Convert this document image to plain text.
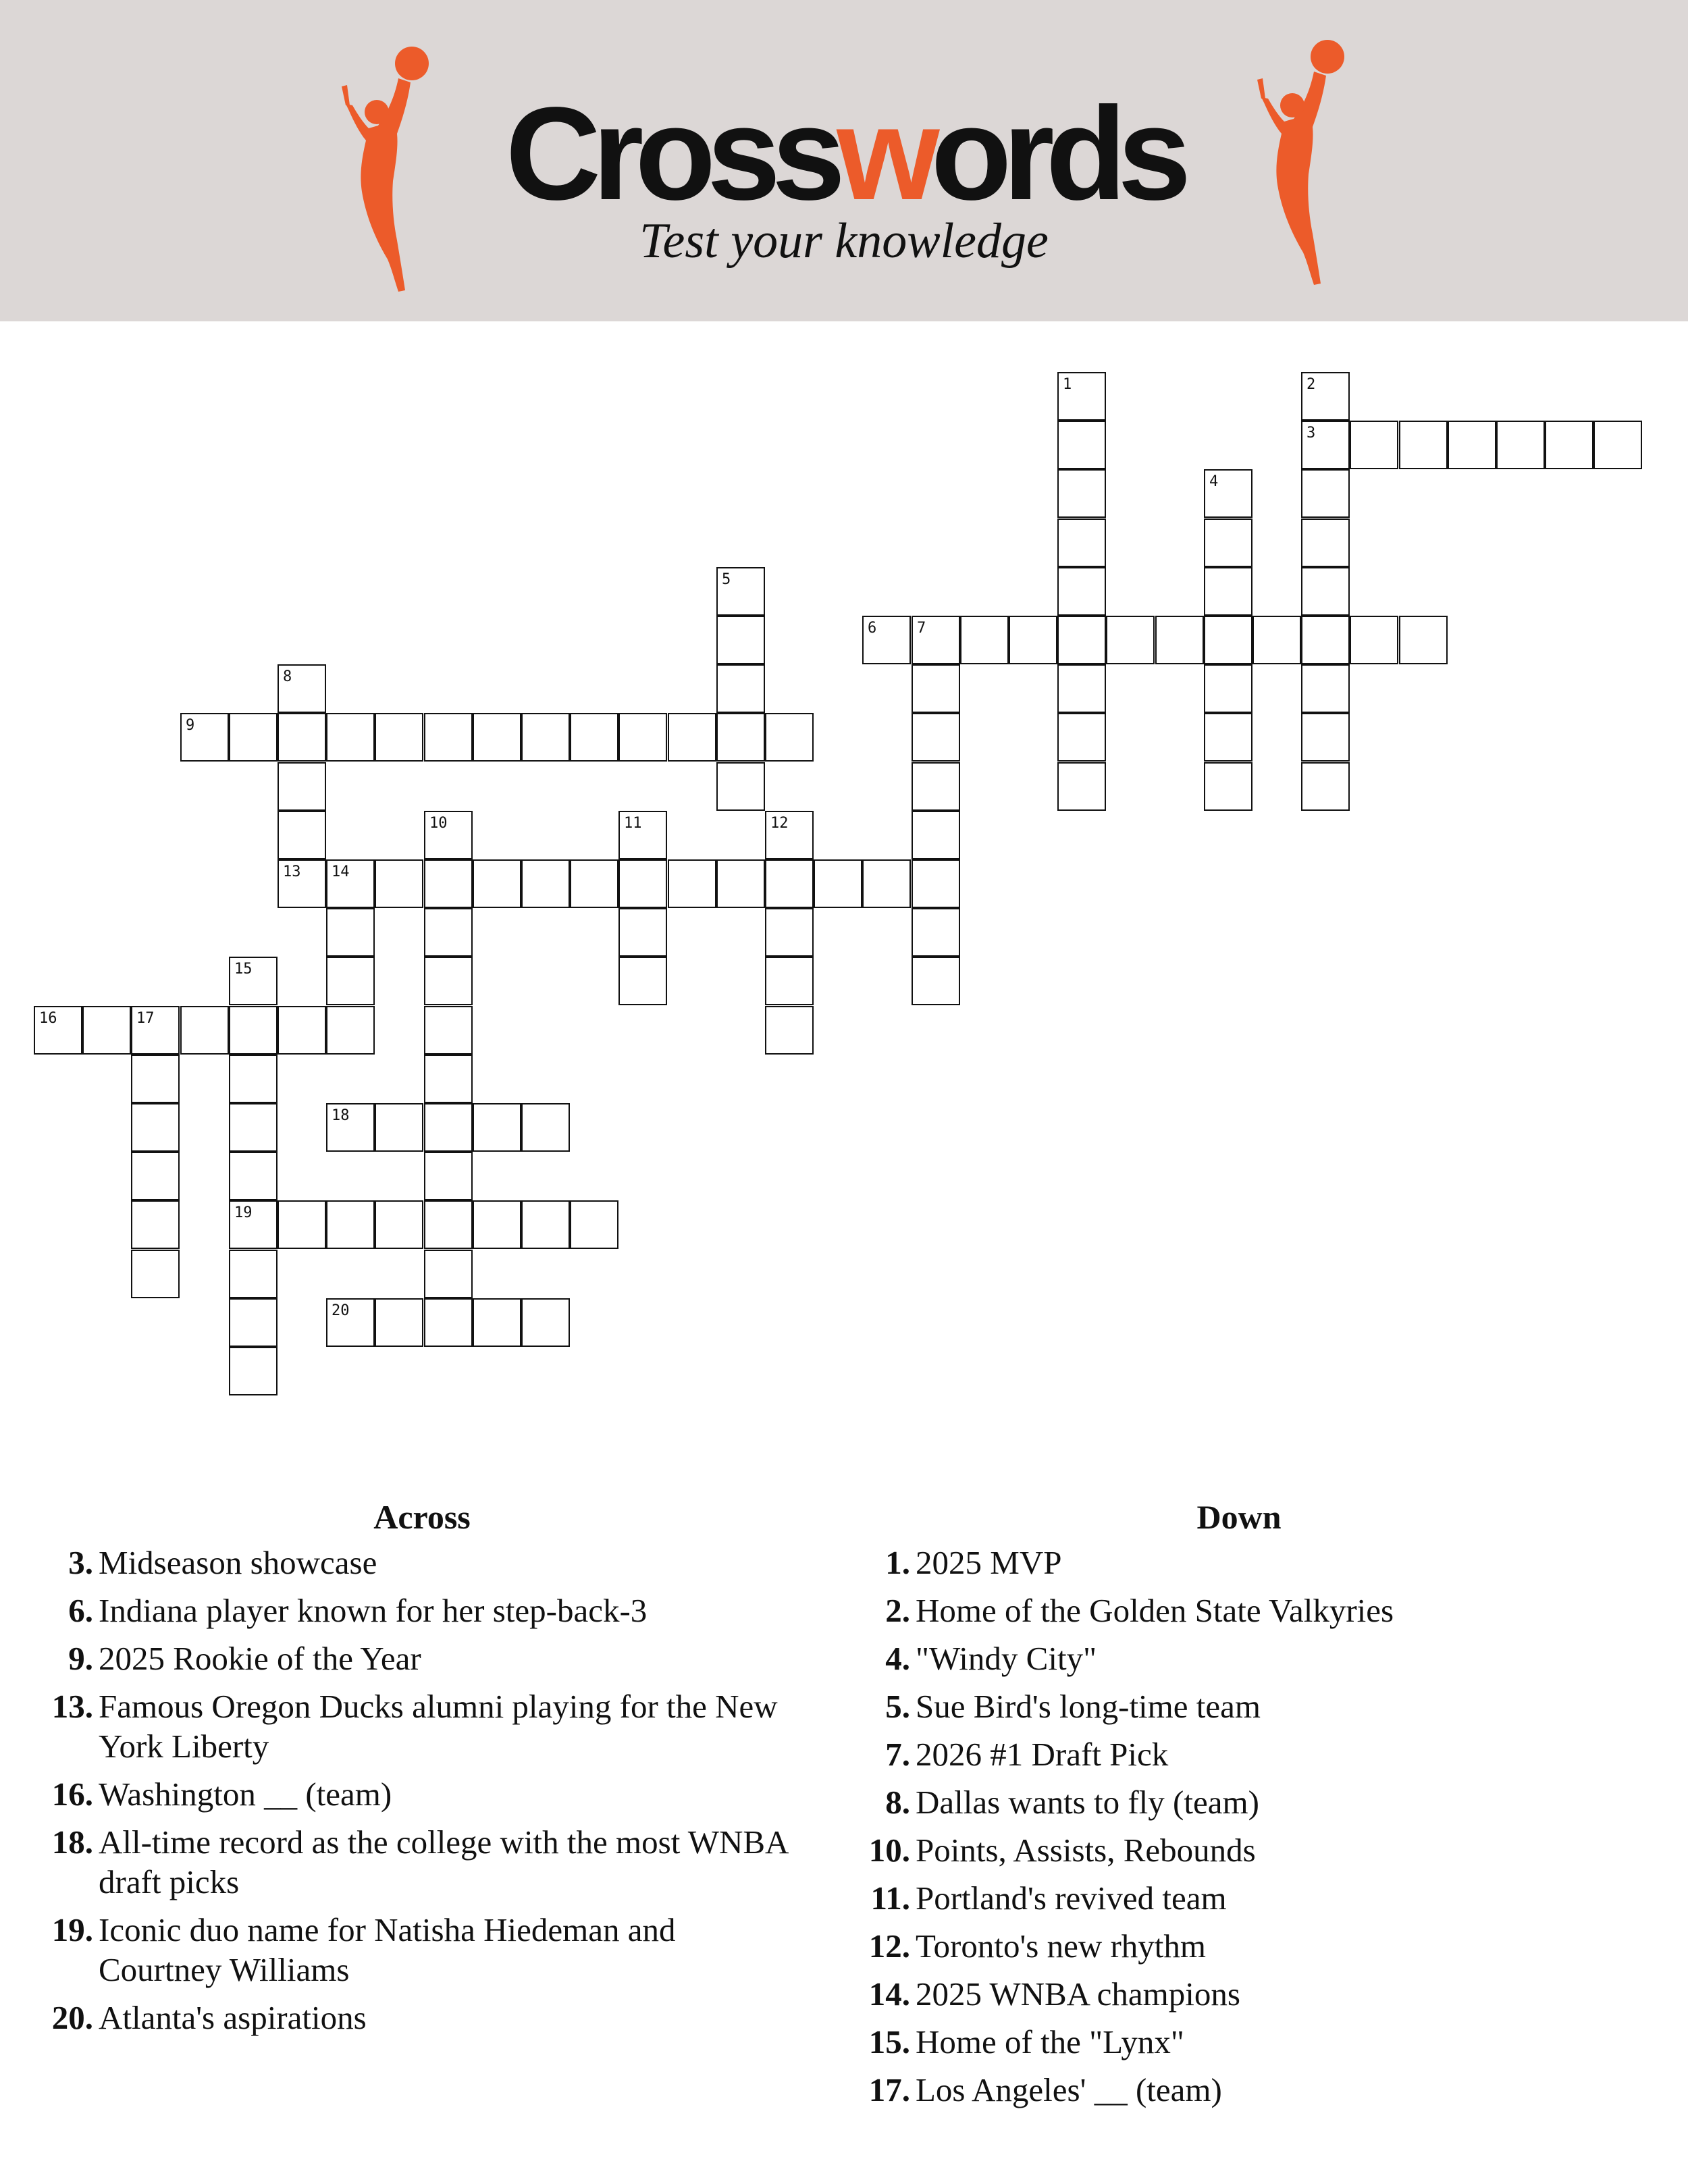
Crosswords
Test your knowledge
1	2
3
4
5
6	7
8
13
9
10	11	12
14
15
19
16	17
18
20
Across
3. Midseason showcase
6. Indiana player known for her step-back-3
9. 2025 Rookie of the Year
13. Famous Oregon Ducks alumni playing for the New York Liberty
16. Washington __ (team)
18. All-time record as the college with the most WNBA draft picks
19. Iconic duo name for Natisha Hiedeman and Courtney Williams
20. Atlanta's aspirations
Down
1. 2025 MVP
2. Home of the Golden State Valkyries
4. "Windy City"
5. Sue Bird's long-time team
7. 2026 #1 Draft Pick
8. Dallas wants to fly (team)
10. Points, Assists, Rebounds
11. Portland's revived team
12. Toronto's new rhythm
14. 2025 WNBA champions
15. Home of the "Lynx"
17. Los Angeles' __ (team)
